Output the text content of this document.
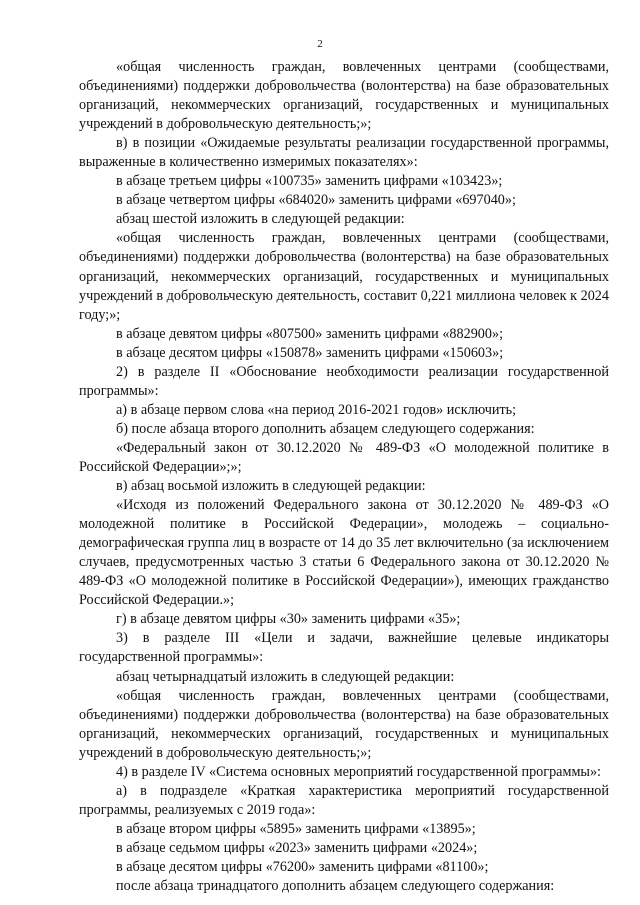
2

«общая численность граждан, вовлеченных центрами (сообществами, объединениями) поддержки добровольчества (волонтерства) на базе образовательных организаций, некоммерческих организаций, государственных и муниципальных учреждений в добровольческую деятельность;»;

в) в позиции «Ожидаемые результаты реализации государственной программы, выраженные в количественно измеримых показателях»:

в абзаце третьем цифры «100735» заменить цифрами «103423»;

в абзаце четвертом цифры «684020» заменить цифрами «697040»;

абзац шестой изложить в следующей редакции:

«общая численность граждан, вовлеченных центрами (сообществами, объединениями) поддержки добровольчества (волонтерства) на базе образовательных организаций, некоммерческих организаций, государственных и муниципальных учреждений в добровольческую деятельность, составит 0,221 миллиона человек к 2024 году;»;

в абзаце девятом цифры «807500» заменить цифрами «882900»;

в абзаце десятом цифры «150878» заменить цифрами «150603»;

2) в разделе II «Обоснование необходимости реализации государственной программы»:

а) в абзаце первом слова «на период 2016-2021 годов» исключить;

б) после абзаца второго дополнить абзацем следующего содержания:

«Федеральный закон от 30.12.2020 № 489-ФЗ «О молодежной политике в Российской Федерации»;»;

в) абзац восьмой изложить в следующей редакции:

«Исходя из положений Федерального закона от 30.12.2020 № 489-ФЗ «О молодежной политике в Российской Федерации», молодежь – социально-демографическая группа лиц в возрасте от 14 до 35 лет включительно (за исключением случаев, предусмотренных частью 3 статьи 6 Федерального закона от 30.12.2020 № 489-ФЗ «О молодежной политике в Российской Федерации»), имеющих гражданство Российской Федерации.»;

г) в абзаце девятом цифры «30» заменить цифрами «35»;

3) в разделе III «Цели и задачи, важнейшие целевые индикаторы государственной программы»:

абзац четырнадцатый изложить в следующей редакции:

«общая численность граждан, вовлеченных центрами (сообществами, объединениями) поддержки добровольчества (волонтерства) на базе образовательных организаций, некоммерческих организаций, государственных и муниципальных учреждений в добровольческую деятельность;»;

4) в разделе IV «Система основных мероприятий государственной программы»:

а) в подразделе «Краткая характеристика мероприятий государственной программы, реализуемых с 2019 года»:

в абзаце втором цифры «5895» заменить цифрами «13895»;

в абзаце седьмом цифры «2023» заменить цифрами «2024»;

в абзаце десятом цифры «76200» заменить цифрами «81100»;

после абзаца тринадцатого дополнить абзацем следующего содержания:
